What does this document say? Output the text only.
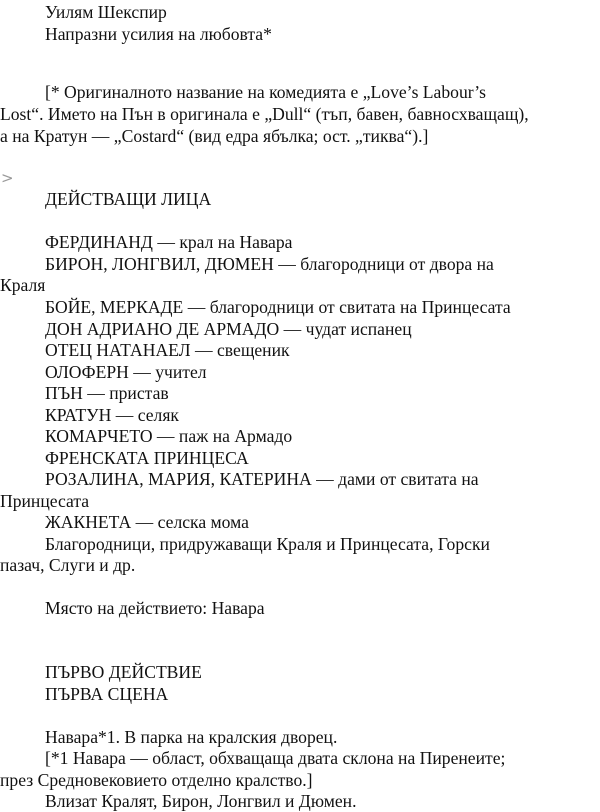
Уилям Шекспир
Напразни усилия на любовта*
[* Оригиналното название на комедията е „Love’s Labour’s
Lost“. Името на Пън в оригинала е „Dull“ (тъп, бавен, бавносхващащ),
а на Кратун — „Costard“ (вид едра ябълка; ост. „тиква“).]
>
ДЕЙСТВАЩИ ЛИЦА
ФЕРДИНАНД — крал на Навара
БИРОН, ЛОНГВИЛ, ДЮМЕН — благородници от двора на
Краля
БОЙЕ, МЕРКАДЕ — благородници от свитата на Принцесата
ДОН АДРИАНО ДЕ АРМАДО — чудат испанец
ОТЕЦ НАТАНАЕЛ — свещеник
ОЛОФЕРН — учител
ПЪН — пристав
КРАТУН — селяк
КОМАРЧЕТО — паж на Армадо
ФРЕНСКАТА ПРИНЦЕСА
РОЗАЛИНА, МАРИЯ, КАТЕРИНА — дами от свитата на
Принцесата
ЖАКНЕТА — селска мома
Благородници, придружаващи Краля и Принцесата, Горски
пазач, Слуги и др.
Място на действието: Навара
ПЪРВО ДЕЙСТВИЕ
ПЪРВА СЦЕНА
Навара*1. В парка на кралския дворец.
[*1 Навара — област, обхващаща двата склона на Пиренеите;
през Средновековието отделно кралство.]
Влизат Кралят, Бирон, Лонгвил и Дюмен.
